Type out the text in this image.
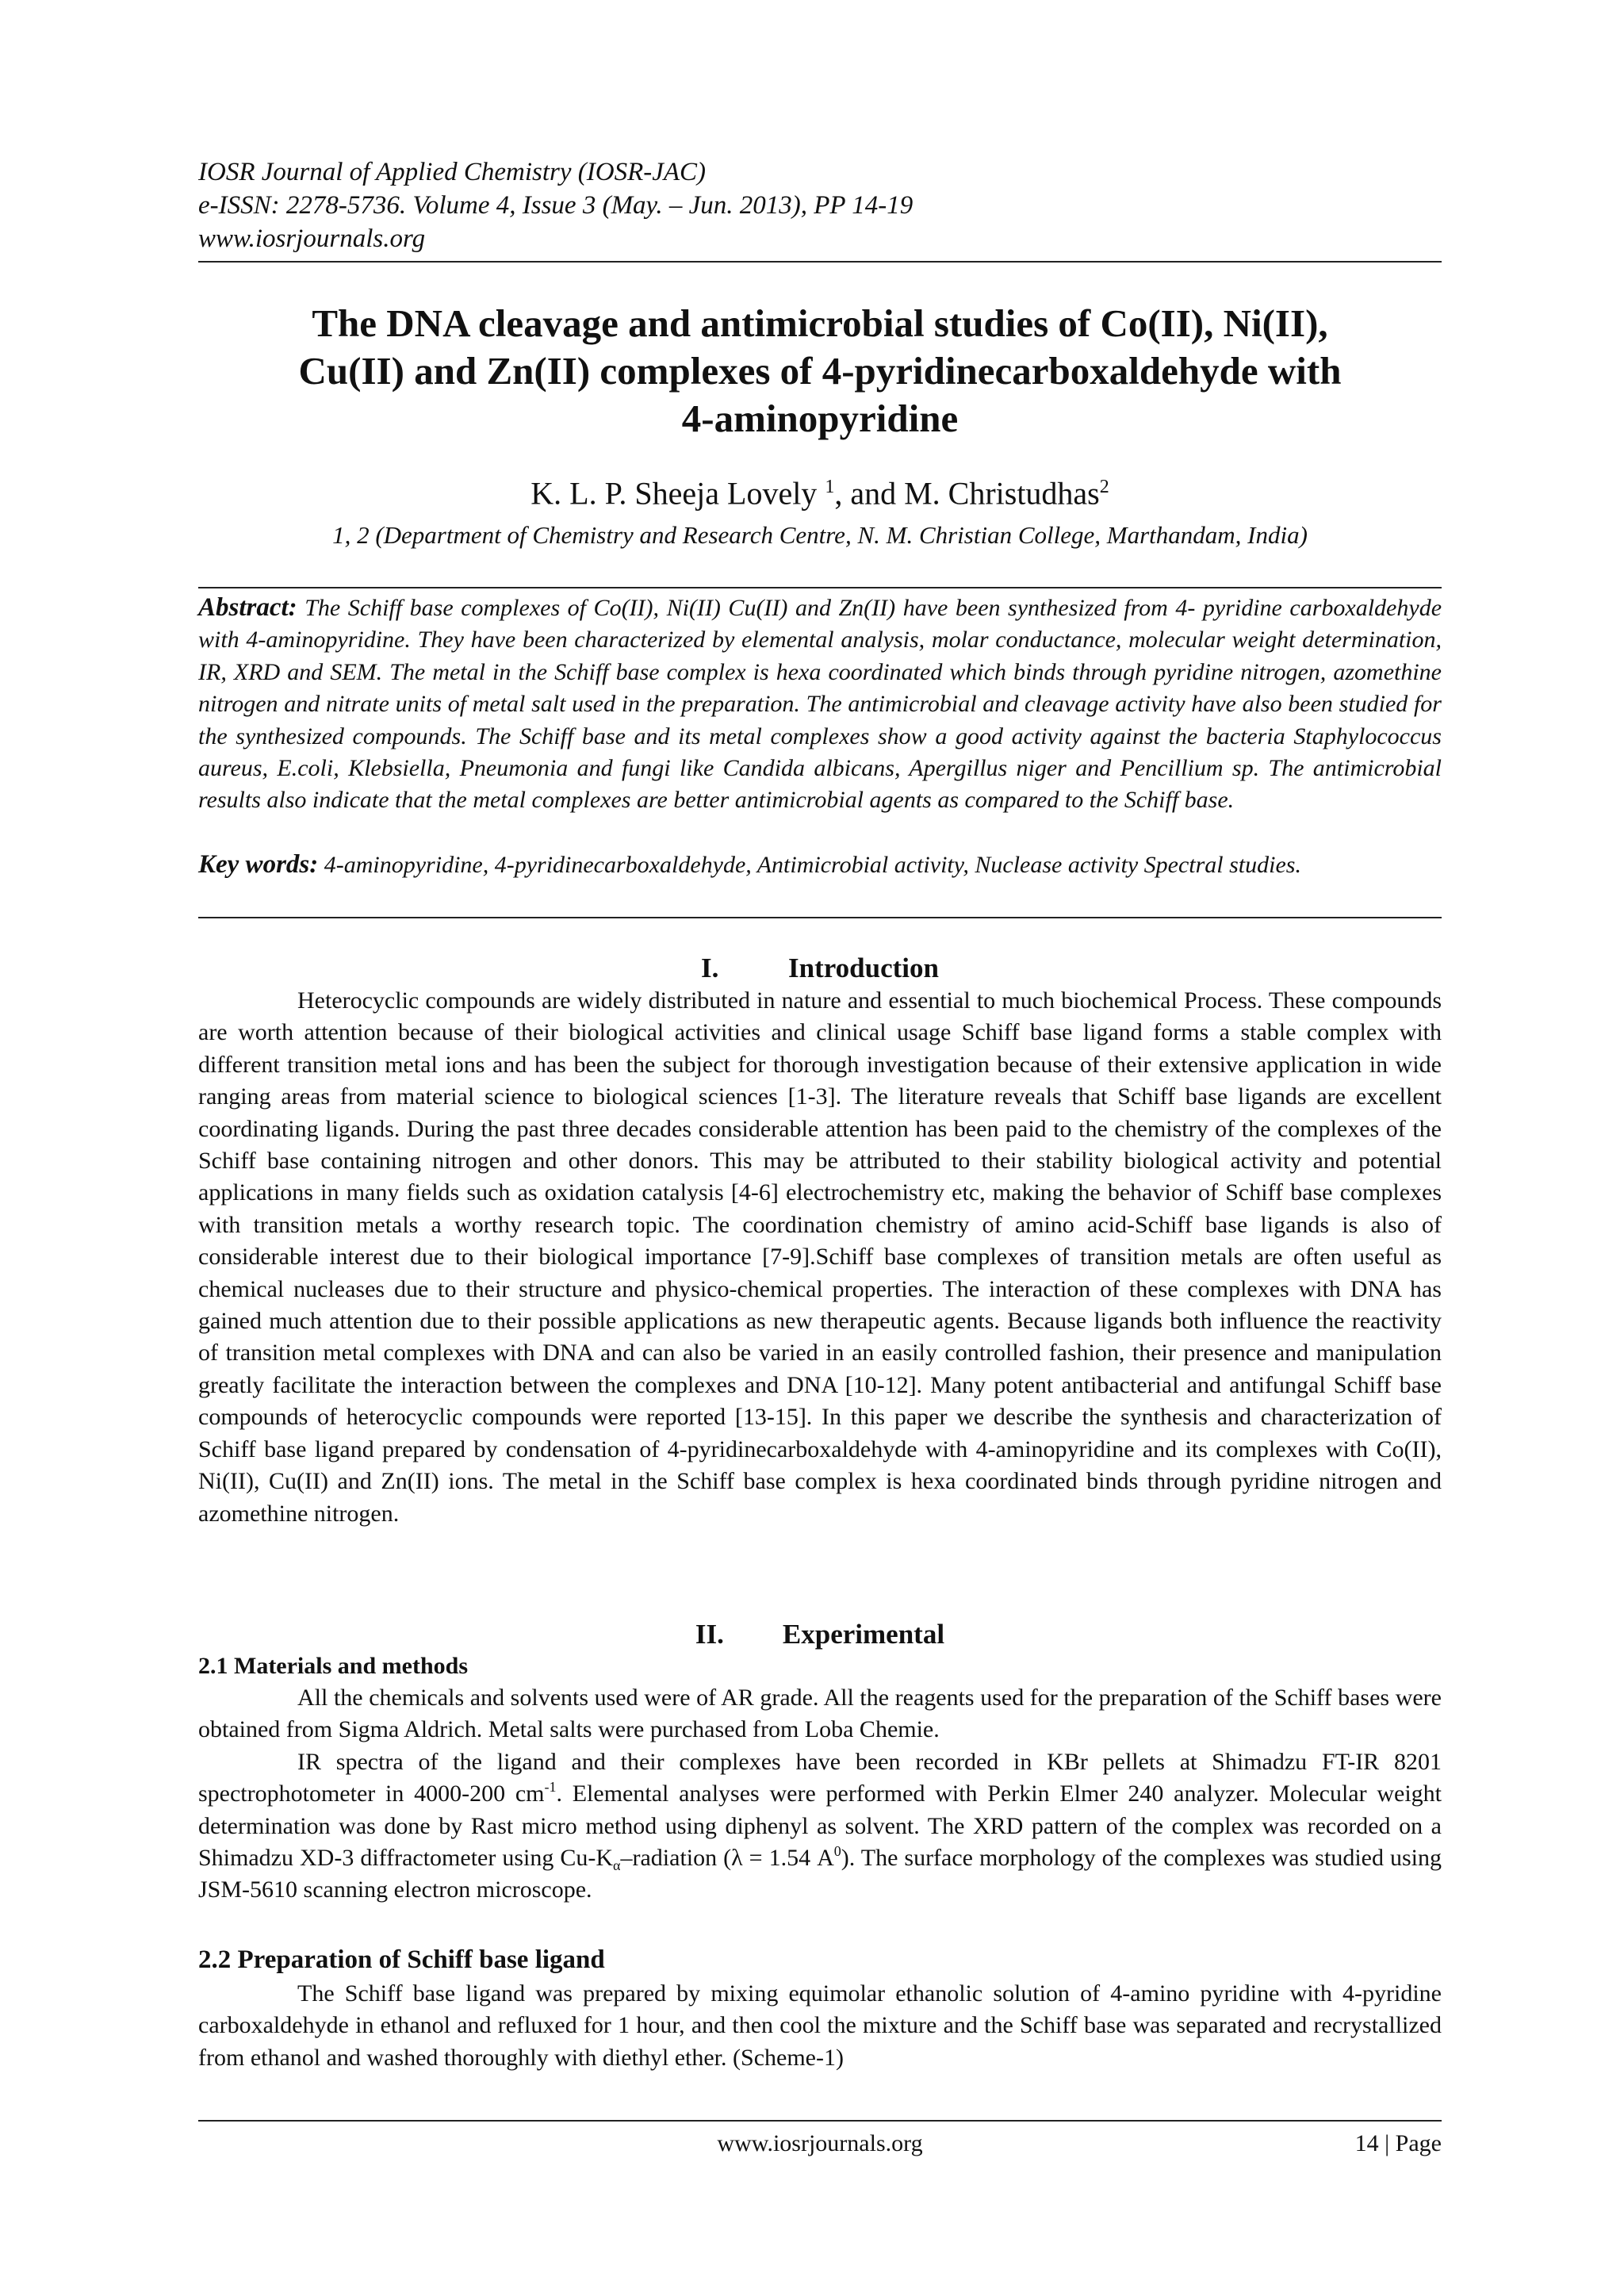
IOSR Journal of Applied Chemistry (IOSR-JAC)
e-ISSN: 2278-5736. Volume 4, Issue 3 (May. – Jun. 2013), PP 14-19
www.iosrjournals.org
The DNA cleavage and antimicrobial studies of Co(II), Ni(II),
Cu(II) and Zn(II) complexes of 4-pyridinecarboxaldehyde with
4-aminopyridine
K. L. P. Sheeja Lovely $^1$, and M. Christudhas$^2$
1, 2 (Department of Chemistry and Research Centre, N. M. Christian College, Marthandam, India)
Abstract: The Schiff base complexes of Co(II), Ni(II) Cu(II) and Zn(II) have been synthesized from 4- pyridine carboxaldehyde with 4-aminopyridine. They have been characterized by elemental analysis, molar conductance, molecular weight determination, IR, XRD and SEM. The metal in the Schiff base complex is hexa coordinated which binds through pyridine nitrogen, azomethine nitrogen and nitrate units of metal salt used in the preparation. The antimicrobial and cleavage activity have also been studied for the synthesized compounds. The Schiff base and its metal complexes show a good activity against the bacteria Staphylococcus aureus, E.coli, Klebsiella, Pneumonia and fungi like Candida albicans, Apergillus niger and Pencillium sp. The antimicrobial results also indicate that the metal complexes are better antimicrobial agents as compared to the Schiff base.
Key words: 4-aminopyridine, 4-pyridinecarboxaldehyde, Antimicrobial activity, Nuclease activity Spectral studies.
I.	Introduction

Heterocyclic compounds are widely distributed in nature and essential to much biochemical Process. These compounds are worth attention because of their biological activities and clinical usage Schiff base ligand forms a stable complex with different transition metal ions and has been the subject for thorough investigation because of their extensive application in wide ranging areas from material science to biological sciences [1-3]. The literature reveals that Schiff base ligands are excellent coordinating ligands. During the past three decades considerable attention has been paid to the chemistry of the complexes of the Schiff base containing nitrogen and other donors. This may be attributed to their stability biological activity and potential applications in many fields such as oxidation catalysis [4-6] electrochemistry etc, making the behavior of Schiff base complexes with transition metals a worthy research topic. The coordination chemistry of amino acid-Schiff base ligands is also of considerable interest due to their biological importance [7-9].Schiff base complexes of transition metals are often useful as chemical nucleases due to their structure and physico-chemical properties. The interaction of these complexes with DNA has gained much attention due to their possible applications as new therapeutic agents. Because ligands both influence the reactivity of transition metal complexes with DNA and can also be varied in an easily controlled fashion, their presence and manipulation greatly facilitate the interaction between the complexes and DNA [10-12]. Many potent antibacterial and antifungal Schiff base compounds of heterocyclic compounds were reported [13-15]. In this paper we describe the synthesis and characterization of Schiff base ligand prepared by condensation of 4-pyridinecarboxaldehyde with 4-aminopyridine and its complexes with Co(II), Ni(II), Cu(II) and Zn(II) ions. The metal in the Schiff base complex is hexa coordinated binds through pyridine nitrogen and azomethine nitrogen.

II. Experimental
2.1 Materials and methods

All the chemicals and solvents used were of AR grade. All the reagents used for the preparation of the Schiff bases were obtained from Sigma Aldrich. Metal salts were purchased from Loba Chemie.

IR spectra of the ligand and their complexes have been recorded in KBr pellets at Shimadzu FT-IR 8201 spectrophotometer in 4000-200 $cm^{-1}$. Elemental analyses were performed with Perkin Elmer 240 analyzer. Molecular weight determination was done by Rast micro method using diphenyl as solvent. The XRD pattern of the complex was recorded on a Shimadzu XD-3 diffractometer using $Cu-K_\alpha$–radiation (λ = 1.54 $A^0$). The surface morphology of the complexes was studied using JSM-5610 scanning electron microscope.

2.2 Preparation of Schiff base ligand

The Schiff base ligand was prepared by mixing equimolar ethanolic solution of 4-amino pyridine with 4-pyridine carboxaldehyde in ethanol and refluxed for 1 hour, and then cool the mixture and the Schiff base was separated and recrystallized from ethanol and washed thoroughly with diethyl ether. (Scheme-1)

www.iosrjournals.org	14 | Page
